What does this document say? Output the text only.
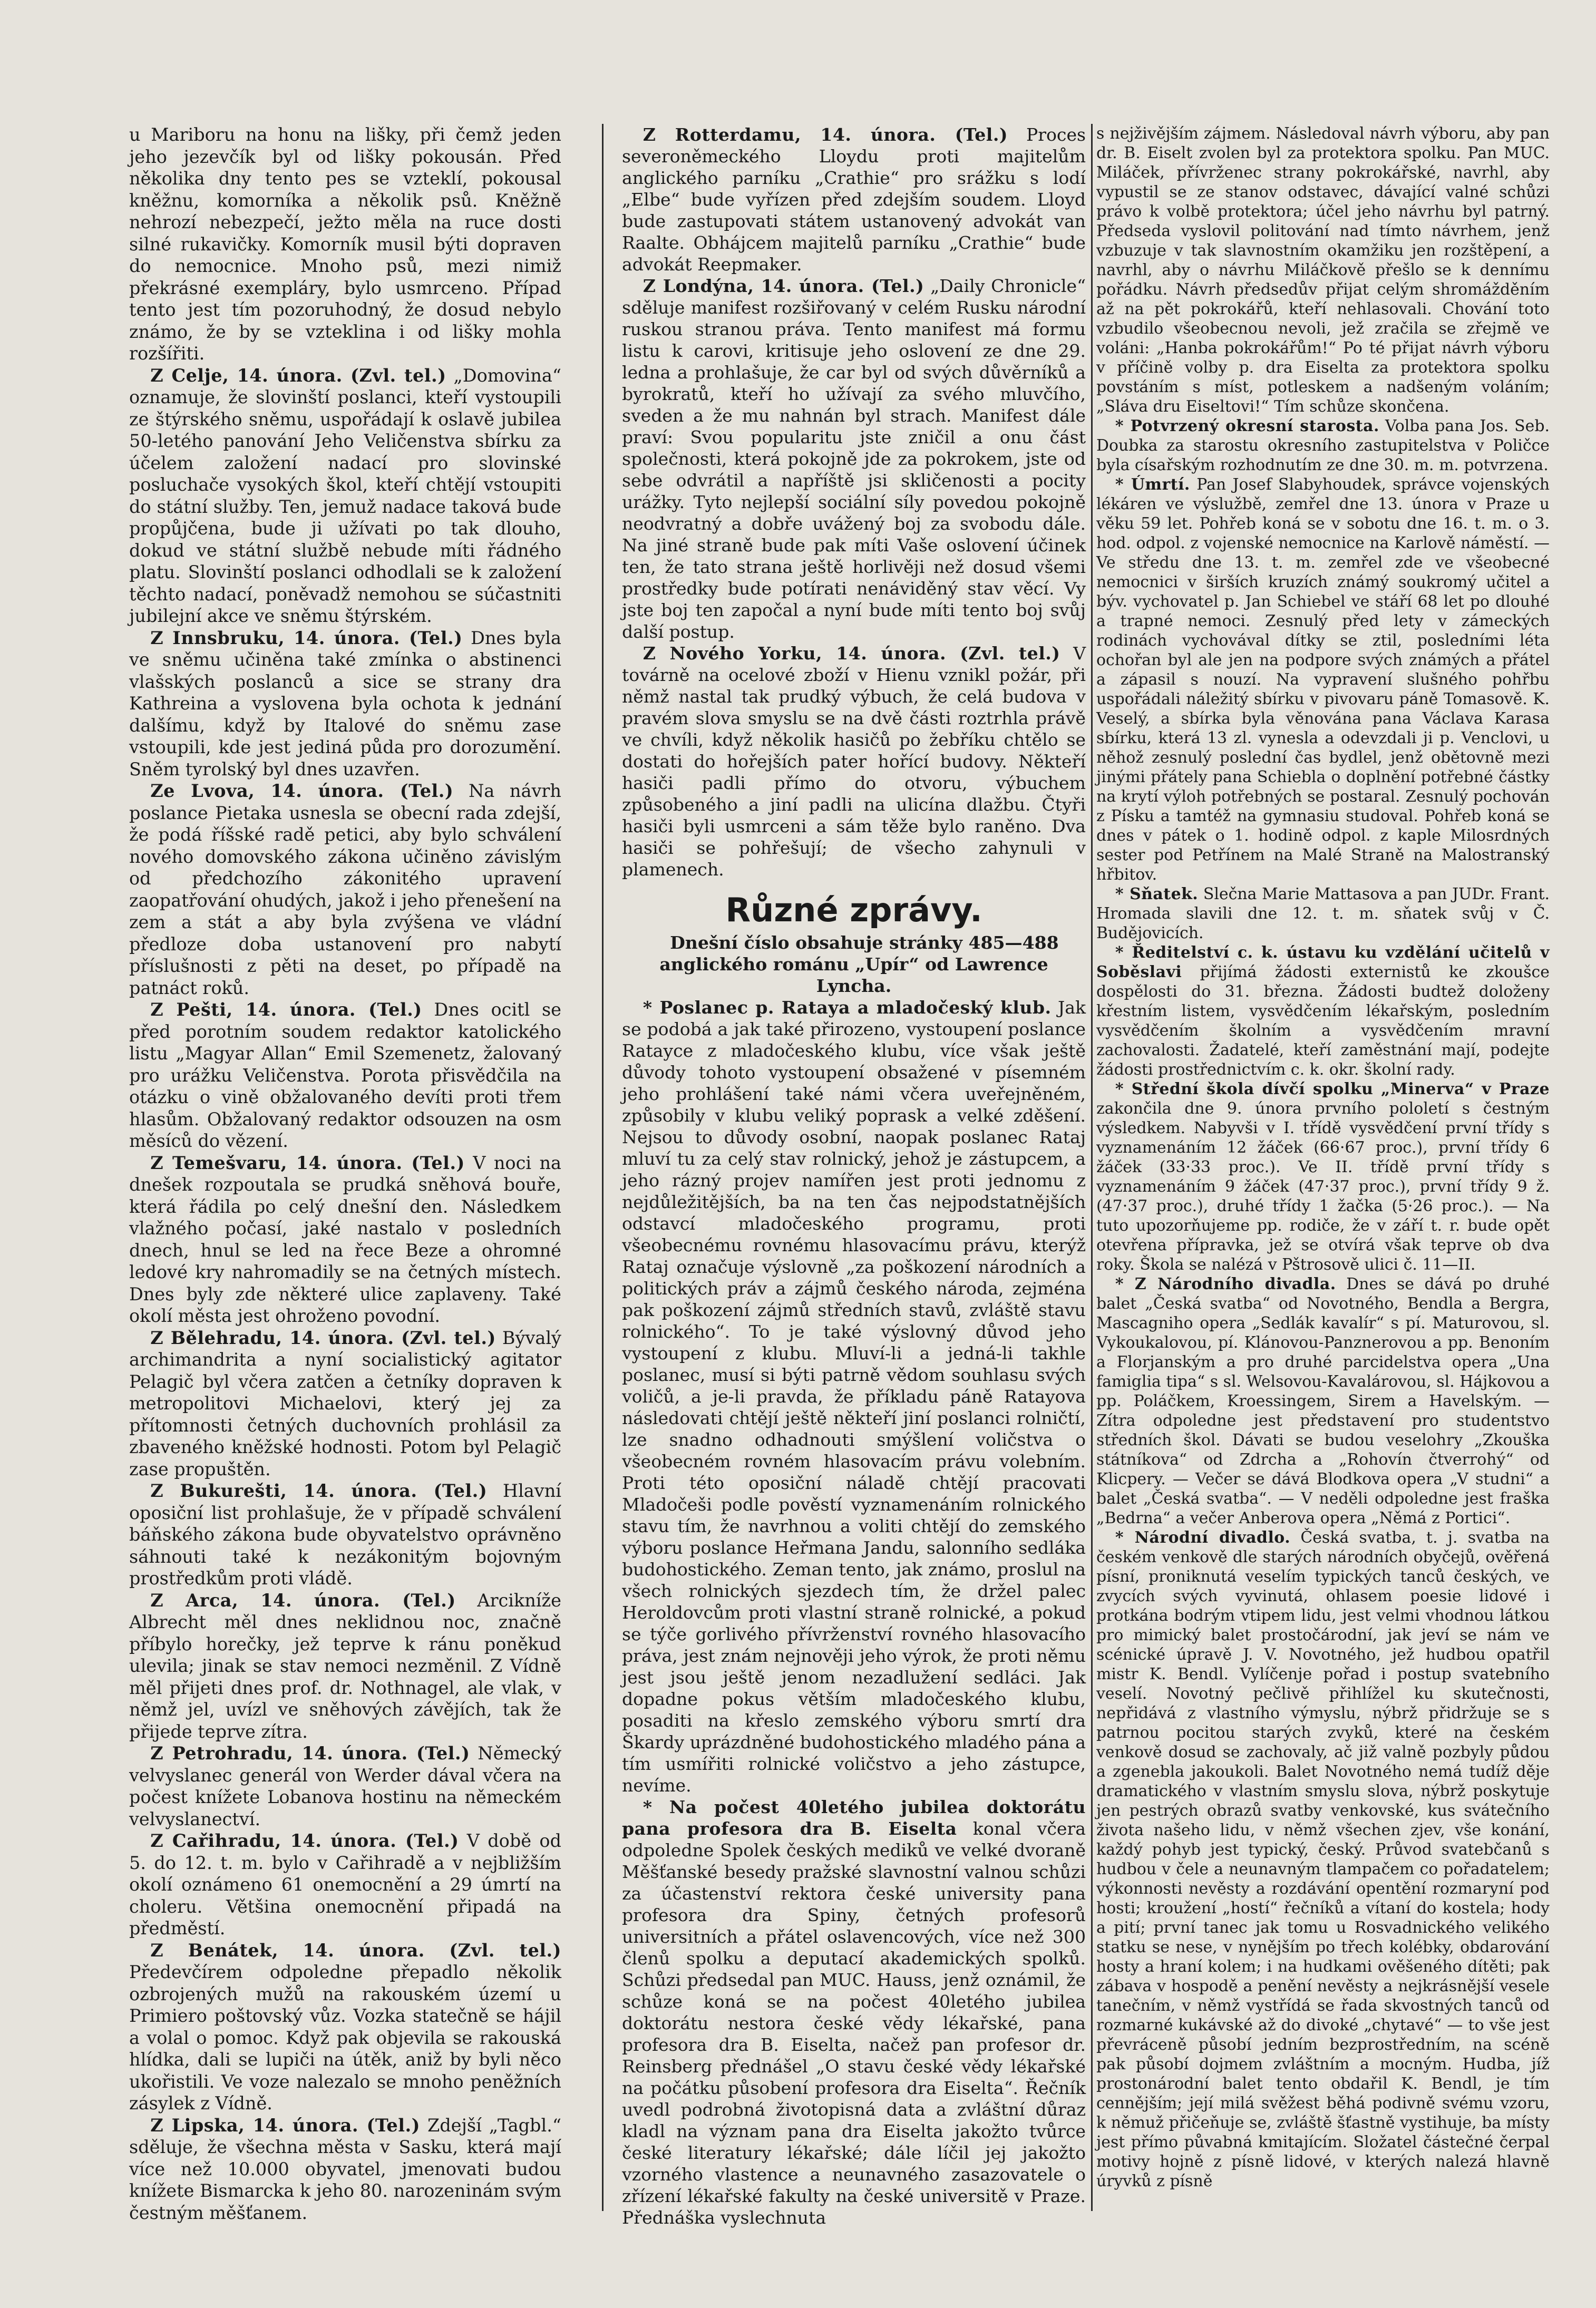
u Mariboru na honu na lišky, při čemž jeden jeho jezevčík byl od lišky pokousán. Před několika dny tento pes se vzteklí, pokousal kněžnu, komorníka a několik psů. Kněžně nehrozí nebezpečí, ježto měla na ruce dosti silné rukavičky. Komorník musil býti dopraven do nemocnice. Mnoho psů, mezi nimiž překrásné exempláry, bylo usmrceno. Případ tento jest tím pozoruhodný, že dosud nebylo známo, že by se vzteklina i od lišky mohla rozšířiti.

Z Celje, 14. února. (Zvl. tel.) „Domovina“ oznamuje, že slovinští poslanci, kteří vystoupili ze štýrského sněmu, uspořádají k oslavě jubilea 50-letého panování Jeho Veličenstva sbírku za účelem založení nadací pro slovinské posluchače vysokých škol, kteří chtějí vstoupiti do státní služby. Ten, jemuž nadace taková bude propůjčena, bude ji užívati po tak dlouho, dokud ve státní službě nebude míti řádného platu. Slovinští poslanci odhodlali se k založení těchto nadací, poněvadž nemohou se súčastniti jubilejní akce ve sněmu štýrském.

Z Innsbruku, 14. února. (Tel.) Dnes byla ve sněmu učiněna také zmínka o abstinenci vlašských poslanců a sice se strany dra Kathreina a vyslovena byla ochota k jednání dalšímu, když by Italové do sněmu zase vstoupili, kde jest jediná půda pro dorozumění. Sněm tyrolský byl dnes uzavřen.

Ze Lvova, 14. února. (Tel.) Na návrh poslance Pietaka usnesla se obecní rada zdejší, že podá říšské radě petici, aby bylo schválení nového domovského zákona učiněno závislým od předchozího zákonitého upravení zaopatřování ohudých, jakož i jeho přenešení na zem a stát a aby byla zvýšena ve vládní předloze doba ustanovení pro nabytí příslušnosti z pěti na deset, po případě na patnáct roků.

Z Pešti, 14. února. (Tel.) Dnes ocitl se před porotním soudem redaktor katolického listu „Magyar Allan“ Emil Szemenetz, žalovaný pro urážku Veličenstva. Porota přisvědčila na otázku o vině obžalovaného devíti proti třem hlasům. Obžalovaný redaktor odsouzen na osm měsíců do vězení.

Z Temešvaru, 14. února. (Tel.) V noci na dnešek rozpoutala se prudká sněhová bouře, která řádila po celý dnešní den. Následkem vlažného počasí, jaké nastalo v posledních dnech, hnul se led na řece Beze a ohromné ledové kry nahromadily se na četných místech. Dnes byly zde některé ulice zaplaveny. Také okolí města jest ohroženo povodní.

Z Bělehradu, 14. února. (Zvl. tel.) Bývalý archimandrita a nyní socialistický agitator Pelagič byl včera zatčen a četníky dopraven k metropolitovi Michaelovi, který jej za přítomnosti četných duchovních prohlásil za zbaveného kněžské hodnosti. Potom byl Pelagič zase propuštěn.

Z Bukurešti, 14. února. (Tel.) Hlavní oposiční list prohlašuje, že v případě schválení báňského zákona bude obyvatelstvo oprávněno sáhnouti také k nezákonitým bojovným prostředkům proti vládě.

Z Arca, 14. února. (Tel.) Arcikníže Albrecht měl dnes neklidnou noc, značně příbylo horečky, jež teprve k ránu poněkud ulevila; jinak se stav nemoci nezměnil. Z Vídně měl přijeti dnes prof. dr. Nothnagel, ale vlak, v němž jel, uvízl ve sněhových závějích, tak že přijede teprve zítra.

Z Petrohradu, 14. února. (Tel.) Německý velvyslanec generál von Werder dával včera na počest knížete Lobanova hostinu na německém velvyslanectví.

Z Cařihradu, 14. února. (Tel.) V době od 5. do 12. t. m. bylo v Cařihradě a v nejbližším okolí oznámeno 61 onemocnění a 29 úmrtí na choleru. Většina onemocnění připadá na předměstí.

Z Benátek, 14. února. (Zvl. tel.) Předevčírem odpoledne přepadlo několik ozbrojených mužů na rakouském území u Primiero poštovský vůz. Vozka statečně se hájil a volal o pomoc. Když pak objevila se rakouská hlídka, dali se lupiči na útěk, aniž by byli něco ukořistili. Ve voze nalezalo se mnoho peněžních zásylek z Vídně.

Z Lipska, 14. února. (Tel.) Zdejší „Tagbl.“ sděluje, že všechna města v Sasku, která mají více než 10.000 obyvatel, jmenovati budou knížete Bismarcka k jeho 80. narozeninám svým čestným měšťanem.

Z Rotterdamu, 14. února. (Tel.) Proces severoněmeckého Lloydu proti majitelům anglického parníku „Crathie“ pro srážku s lodí „Elbe“ bude vyřízen před zdejším soudem. Lloyd bude zastupovati státem ustanovený advokát van Raalte. Obhájcem majitelů parníku „Crathie“ bude advokát Reepmaker.

Z Londýna, 14. února. (Tel.) „Daily Chronicle“ sděluje manifest rozšiřovaný v celém Rusku národní ruskou stranou práva. Tento manifest má formu listu k carovi, kritisuje jeho oslovení ze dne 29. ledna a prohlašuje, že car byl od svých důvěrníků a byrokratů, kteří ho užívají za svého mluvčího, sveden a že mu nahnán byl strach. Manifest dále praví: Svou popularitu jste zničil a onu část společnosti, která pokojně jde za pokrokem, jste od sebe odvrátil a napříště jsi skličenosti a pocity urážky. Tyto nejlepší sociální síly povedou pokojně neodvratný a dobře uvážený boj za svobodu dále. Na jiné straně bude pak míti Vaše oslovení účinek ten, že tato strana ještě horlivěji než dosud všemi prostředky bude potírati nenáviděný stav věcí. Vy jste boj ten započal a nyní bude míti tento boj svůj další postup.

Z Nového Yorku, 14. února. (Zvl. tel.) V továrně na ocelové zboží v Hienu vznikl požár, při němž nastal tak prudký výbuch, že celá budova v pravém slova smyslu se na dvě části roztrhla právě ve chvíli, když několik hasičů po žebříku chtělo se dostati do hořejších pater hořící budovy. Někteří hasiči padli přímo do otvoru, výbuchem způsobeného a jiní padli na ulicína dlažbu. Čtyři hasiči byli usmrceni a sám těže bylo raněno. Dva hasiči se pohřešují; de všecho zahynuli v plamenech.

Různé zprávy.

Dnešní číslo obsahuje stránky 485—488 anglického románu „Upír“ od Lawrence Lyncha.

* Poslanec p. Rataya a mladočeský klub. Jak se podobá a jak také přirozeno, vystoupení poslance Ratayce z mladočeského klubu, více však ještě důvody tohoto vystoupení obsažené v písemném jeho prohlášení také námi včera uveřejněném, způsobily v klubu veliký poprask a velké zděšení. Nejsou to důvody osobní, naopak poslanec Rataj mluví tu za celý stav rolnický, jehož je zástupcem, a jeho rázný projev namířen jest proti jednomu z nejdůležitějších, ba na ten čas nejpodstatnějších odstavcí mladočeského programu, proti všeobecnému rovnému hlasovacímu právu, kterýž Rataj označuje výslovně „za poškození národních a politických práv a zájmů českého národa, zejména pak poškození zájmů středních stavů, zvláště stavu rolnického“. To je také výslovný důvod jeho vystoupení z klubu. Mluví-li a jedná-li takhle poslanec, musí si býti patrně vědom souhlasu svých voličů, a je-li pravda, že příkladu páně Ratayova následovati chtějí ještě někteří jiní poslanci rolničtí, lze snadno odhadnouti smýšlení voličstva o všeobecném rovném hlasovacím právu volebním. Proti této oposiční náladě chtějí pracovati Mladočeši podle pověstí vyznamenáním rolnického stavu tím, že navrhnou a voliti chtějí do zemského výboru poslance Heřmana Jandu, salonního sedláka budohostického. Zeman tento, jak známo, proslul na všech rolnických sjezdech tím, že držel palec Heroldovcům proti vlastní straně rolnické, a pokud se týče gorlivého přívrženství rovného hlasovacího práva, jest znám nejnověji jeho výrok, že proti němu jest jsou ještě jenom nezadlužení sedláci. Jak dopadne pokus větším mladočeského klubu, posaditi na křeslo zemského výboru smrtí dra Škardy uprázdněné budohostického mladého pána a tím usmířiti rolnické voličstvo a jeho zástupce, nevíme.

* Na počest 40letého jubilea doktorátu pana profesora dra B. Eiselta konal včera odpoledne Spolek českých mediků ve velké dvoraně Měšťanské besedy pražské slavnostní valnou schůzi za účastenství rektora české university pana profesora dra Spiny, četných profesorů universitních a přátel oslavencových, více než 300 členů spolku a deputací akademických spolků. Schůzi předsedal pan MUC. Hauss, jenž oznámil, že schůze koná se na počest 40letého jubilea doktorátu nestora české vědy lékařské, pana profesora dra B. Eiselta, načež pan profesor dr. Reinsberg přednášel „O stavu české vědy lékařské na počátku působení profesora dra Eiselta“. Řečník uvedl podrobná životopisná data a zvláštní důraz kladl na význam pana dra Eiselta jakožto tvůrce české literatury lékařské; dále líčil jej jakožto vzorného vlastence a neunavného zasazovatele o zřízení lékařské fakulty na české universitě v Praze. Přednáška vyslechnuta

s nejživějším zájmem. Následoval návrh výboru, aby pan dr. B. Eiselt zvolen byl za protektora spolku. Pan MUC. Miláček, přívrženec strany pokrokářské, navrhl, aby vypustil se ze stanov odstavec, dávající valné schůzi právo k volbě protektora; účel jeho návrhu byl patrný. Předseda vyslovil politování nad tímto návrhem, jenž vzbuzuje v tak slavnostním okamžiku jen rozštěpení, a navrhl, aby o návrhu Miláčkově přešlo se k dennímu pořádku. Návrh předsedův přijat celým shromážděním až na pět pokrokářů, kteří nehlasovali. Chování toto vzbudilo všeobecnou nevoli, jež zračila se zřejmě ve voláni: „Hanba pokrokářům!“ Po té přijat návrh výboru v příčině volby p. dra Eiselta za protektora spolku povstáním s míst, potleskem a nadšeným voláním; „Sláva dru Eiseltovi!“ Tím schůze skončena.

* Potvrzený okresní starosta. Volba pana Jos. Seb. Doubka za starostu okresního zastupitelstva v Poličce byla císařským rozhodnutím ze dne 30. m. m. potvrzena.

* Úmrtí. Pan Josef Slabyhoudek, správce vojenských lékáren ve výslužbě, zemřel dne 13. února v Praze u věku 59 let. Pohřeb koná se v sobotu dne 16. t. m. o 3. hod. odpol. z vojenské nemocnice na Karlově náměstí. — Ve středu dne 13. t. m. zemřel zde ve všeobecné nemocnici v širších kruzích známý soukromý učitel a býv. vychovatel p. Jan Schiebel ve stáří 68 let po dlouhé a trapné nemoci. Zesnulý před lety v zámeckých rodinách vychovával dítky se ztil, posledními léta ochořan byl ale jen na podpore svých známých a přátel a zápasil s nouzí. Na vypravení slušného pohřbu uspořádali náležitý sbírku v pivovaru páně Tomasově. K. Veselý, a sbírka byla věnována pana Václava Karasa sbírku, která 13 zl. vynesla a odevzdali ji p. Venclovi, u něhož zesnulý poslední čas bydlel, jenž obětovně mezi jinými přátely pana Schiebla o doplnění potřebné částky na krytí výloh potřebných se postaral. Zesnulý pochován z Písku a tamtéž na gymnasiu studoval. Pohřeb koná se dnes v pátek o 1. hodině odpol. z kaple Milosrdných sester pod Petřínem na Malé Straně na Malostranský hřbitov.

* Sňatek. Slečna Marie Mattasova a pan JUDr. Frant. Hromada slavili dne 12. t. m. sňatek svůj v Č. Budějovicích.

* Ředitelství c. k. ústavu ku vzdělání učitelů v Soběslavi přijímá žádosti externistů ke zkoušce dospělosti do 31. března. Žádosti budtež doloženy křestním listem, vysvědčením lékařským, posledním vysvědčením školním a vysvědčením mravní zachovalosti. Žadatelé, kteří zaměstnání mají, podejte žádosti prostřednictvím c. k. okr. školní rady.

* Střední škola dívčí spolku „Minerva“ v Praze zakončila dne 9. února prvního pololetí s čestným výsledkem. Nabyvši v I. třídě vysvědčení první třídy s vyznamenáním 12 žáček (66·67 proc.), první třídy 6 žáček (33·33 proc.). Ve II. třídě první třídy s vyznamenáním 9 žáček (47·37 proc.), první třídy 9 ž. (47·37 proc.), druhé třídy 1 žačka (5·26 proc.). — Na tuto upozorňujeme pp. rodiče, že v září t. r. bude opět otevřena přípravka, jež se otvírá však teprve ob dva roky. Škola se nalézá v Pštrosově ulici č. 11—II.

* Z Národního divadla. Dnes se dává po druhé balet „Česká svatba“ od Novotného, Bendla a Bergra, Mascagniho opera „Sedlák kavalír“ s pí. Maturovou, sl. Vykoukalovou, pí. Klánovou-Panznerovou a pp. Benoním a Florjanským a pro druhé parcidelstva opera „Una famiglia tipa“ s sl. Welsovou-Kavalárovou, sl. Hájkovou a pp. Poláčkem, Kroessingem, Sirem a Havelským. — Zítra odpoledne jest představení pro studentstvo středních škol. Dávati se budou veselohry „Zkouška státníkova“ od Zdrcha a „Rohovín čtverrohý“ od Klicpery. — Večer se dává Blodkova opera „V studni“ a balet „Česká svatba“. — V neděli odpoledne jest fraška „Bedrna“ a večer Anberova opera „Němá z Portici“.

* Národní divadlo. Česká svatba, t. j. svatba na českém venkově dle starých národních obyčejů, ověřená písní, proniknutá veselím typických tanců českých, ve zvycích svých vyvinutá, ohlasem poesie lidové i protkána bodrým vtipem lidu, jest velmi vhodnou látkou pro mimický balet prostočárodní, jak jeví se nám ve scénické úpravě J. V. Novotného, jež hudbou opatřil mistr K. Bendl. Vylíčenje pořad i postup svatebního veselí. Novotný pečlivě přihlížel ku skutečnosti, nepřidává z vlastního výmyslu, nýbrž přidržuje se s patrnou pocitou starých zvyků, které na českém venkově dosud se zachovaly, ač již valně pozbyly půdou a zgenebla jakoukoli. Balet Novotného nemá tudíž děje dramatického v vlastním smyslu slova, nýbrž poskytuje jen pestrých obrazů svatby venkovské, kus svátečního života našeho lidu, v němž všechen zjev, vše konání, každý pohyb jest typický, český. Průvod svatebčanů s hudbou v čele a neunavným tlampačem co pořadatelem; výkonnosti nevěsty a rozdávání opentění rozmaryní pod hosti; kroužení „hostí“ řečníků a vítaní do kostela; hody a pití; první tanec jak tomu u Rosvadnického velikého statku se nese, v nynějším po třech kolébky, obdarování hosty a hraní kolem; i na hudkami ověšeného dítěti; pak zábava v hospodě a penění nevěsty a nejkrásnější vesele tanečním, v němž vystřídá se řada skvostných tanců od rozmarné kukávské až do divoké „chytavé“ — to vše jest převráceně působí jedním bezprostředním, na scéně pak působí dojmem zvláštním a mocným. Hudba, jíž prostonárodní balet tento obdařil K. Bendl, je tím cennějším; její milá svěžest běhá podivně svému vzoru, k němuž přičeňuje se, zvláště šťastně vystihuje, ba místy jest přímo půvabná kmitajícím. Složatel částečné čerpal motivy hojně z písně lidové, v kterých nalezá hlavně úryvků z písně
